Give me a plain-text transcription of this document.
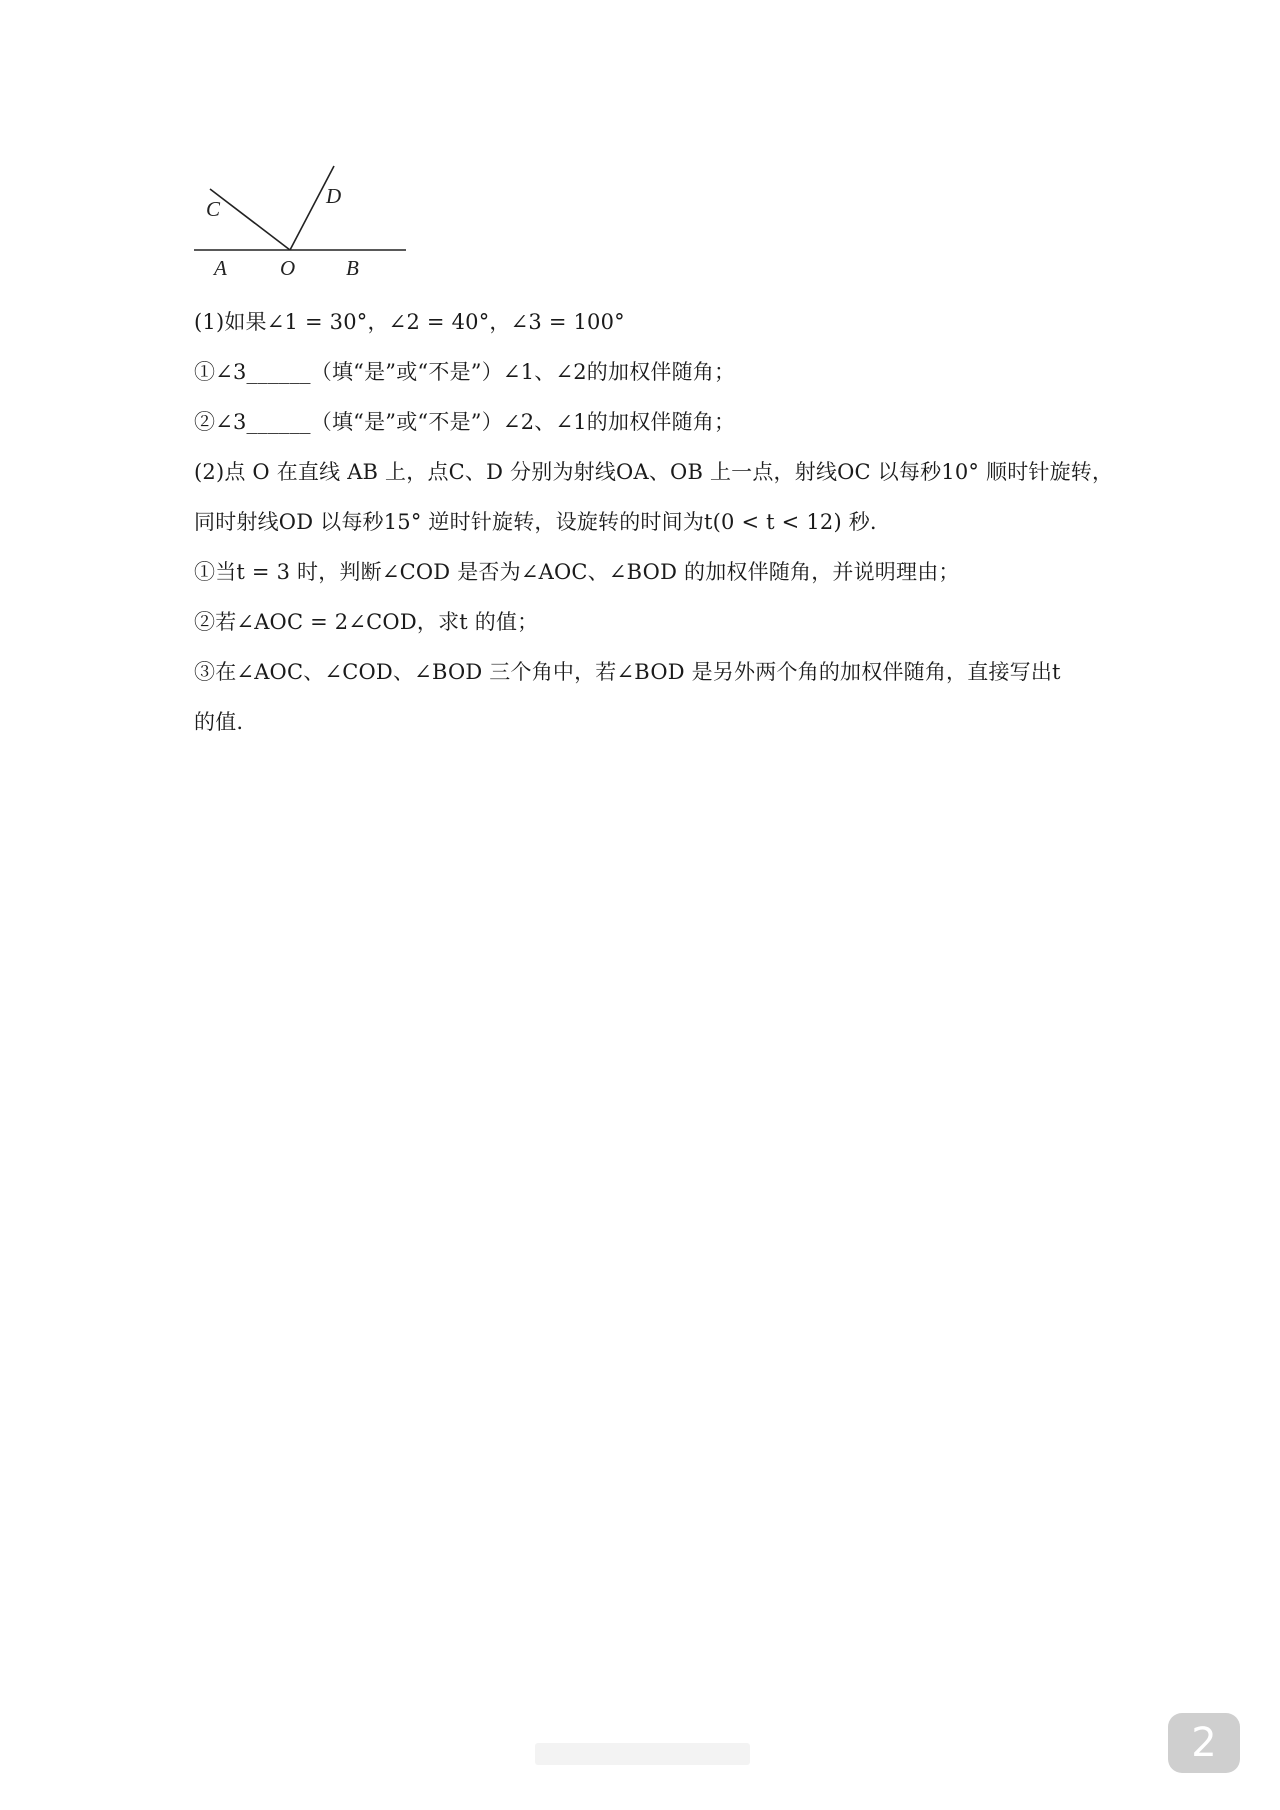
C
D
A	O B
(1)如果∠1 = 30°，∠2 = 40°，∠3 = 100°
①∠3______（填“是”或“不是”）∠1、∠2的加权伴随角；
②∠3______（填“是”或“不是”）∠2、∠1的加权伴随角；
(2)点 O 在直线 AB 上，点C、D 分别为射线OA、OB 上一点，射线OC 以每秒10° 顺时针旋转，
同时射线OD 以每秒15° 逆时针旋转，设旋转的时间为t(0 < t < 12) 秒.
①当t = 3 时，判断∠COD 是否为∠AOC、∠BOD 的加权伴随角，并说明理由；
②若∠AOC = 2∠COD，求t 的值；
③在∠AOC、∠COD、∠BOD 三个角中，若∠BOD 是另外两个角的加权伴随角，直接写出t
的值.
2
